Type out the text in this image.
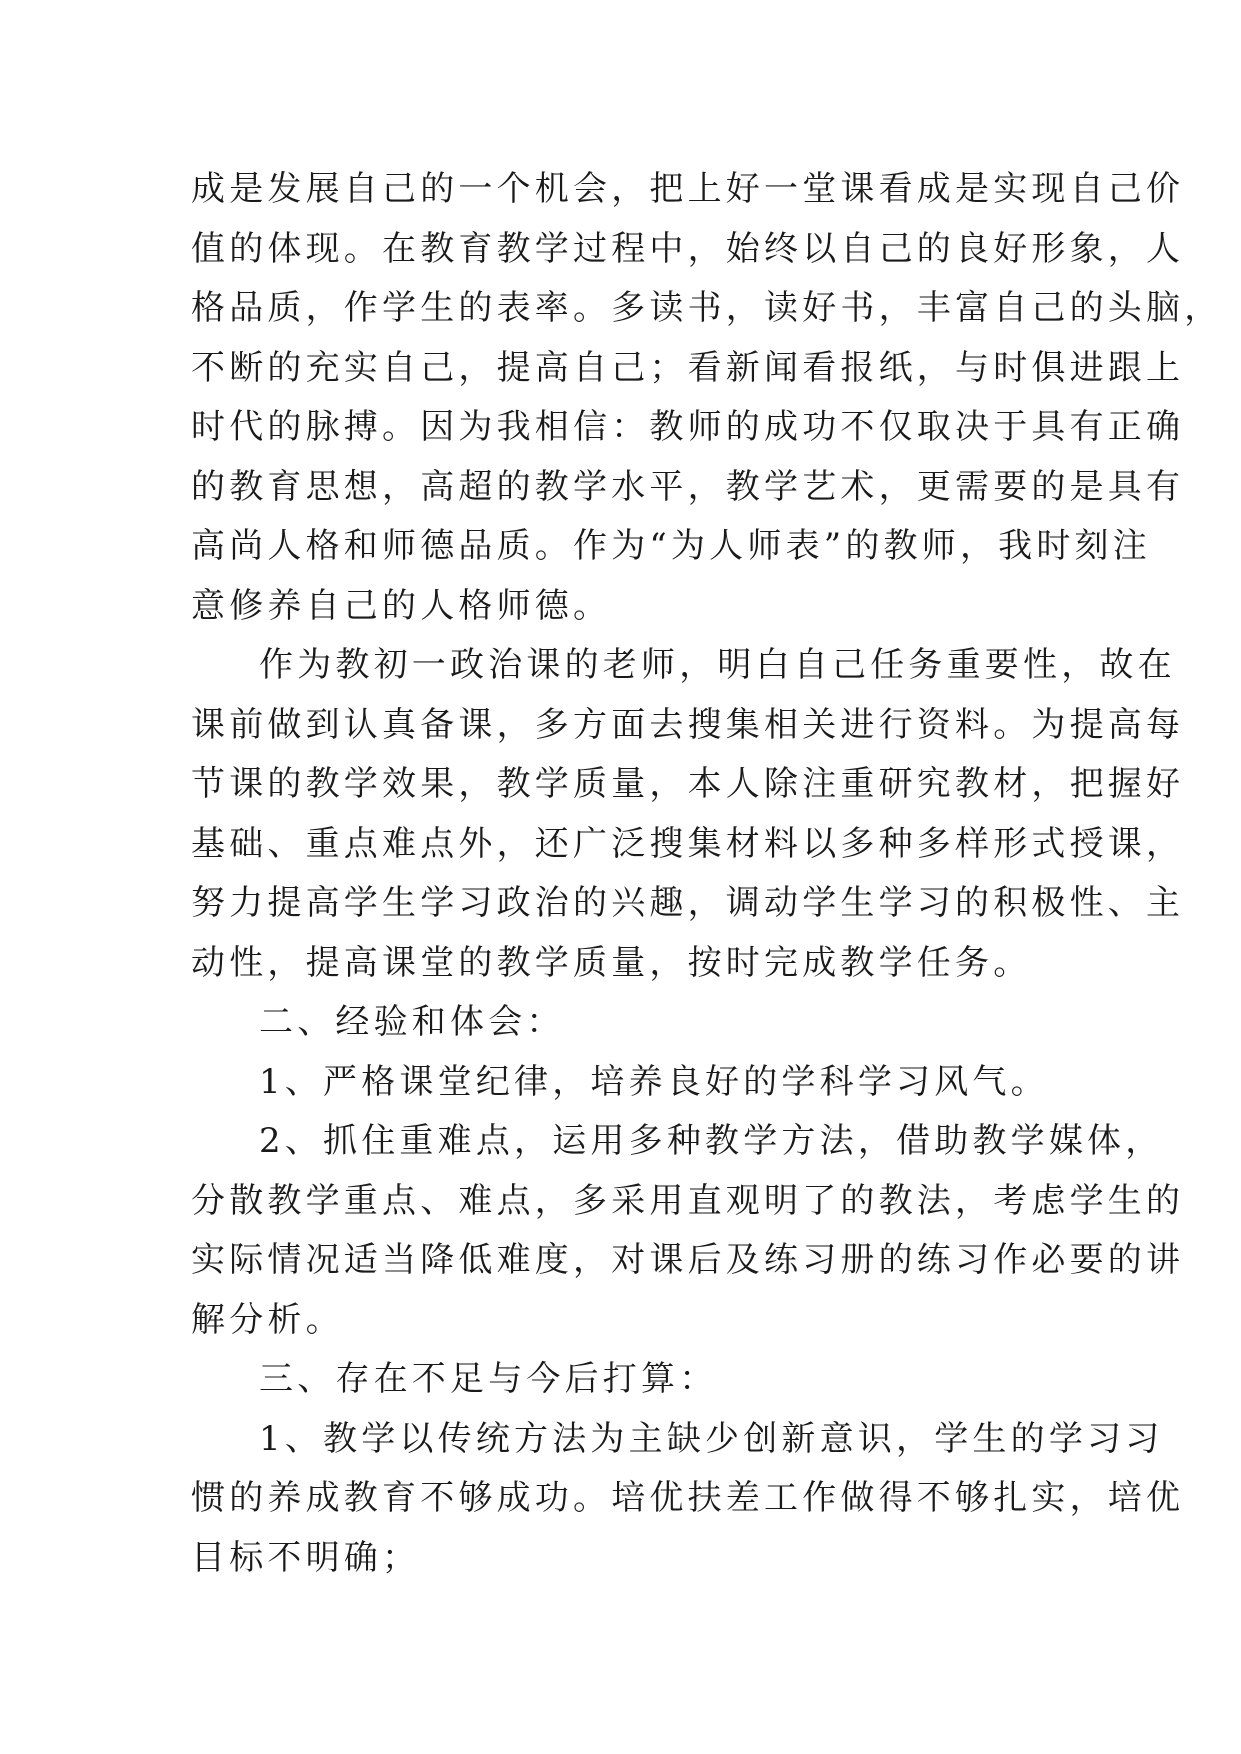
成是发展自己的一个机会，把上好一堂课看成是实现自己价
值的体现。在教育教学过程中，始终以自己的良好形象，人
格品质，作学生的表率。多读书，读好书，丰富自己的头脑，
不断的充实自己，提高自己；看新闻看报纸，与时俱进跟上
时代的脉搏。因为我相信：教师的成功不仅取决于具有正确
的教育思想，高超的教学水平，教学艺术，更需要的是具有
高尚人格和师德品质。作为“为人师表”的教师，我时刻注
意修养自己的人格师德。
作为教初一政治课的老师，明白自己任务重要性，故在
课前做到认真备课，多方面去搜集相关进行资料。为提高每
节课的教学效果，教学质量，本人除注重研究教材，把握好
基础、重点难点外，还广泛搜集材料以多种多样形式授课，
努力提高学生学习政治的兴趣，调动学生学习的积极性、主
动性，提高课堂的教学质量，按时完成教学任务。
二、经验和体会：
1、严格课堂纪律，培养良好的学科学习风气。
2、抓住重难点，运用多种教学方法，借助教学媒体，
分散教学重点、难点，多采用直观明了的教法，考虑学生的
实际情况适当降低难度，对课后及练习册的练习作必要的讲
解分析。
三、存在不足与今后打算：
1、教学以传统方法为主缺少创新意识，学生的学习习
惯的养成教育不够成功。培优扶差工作做得不够扎实，培优
目标不明确；
